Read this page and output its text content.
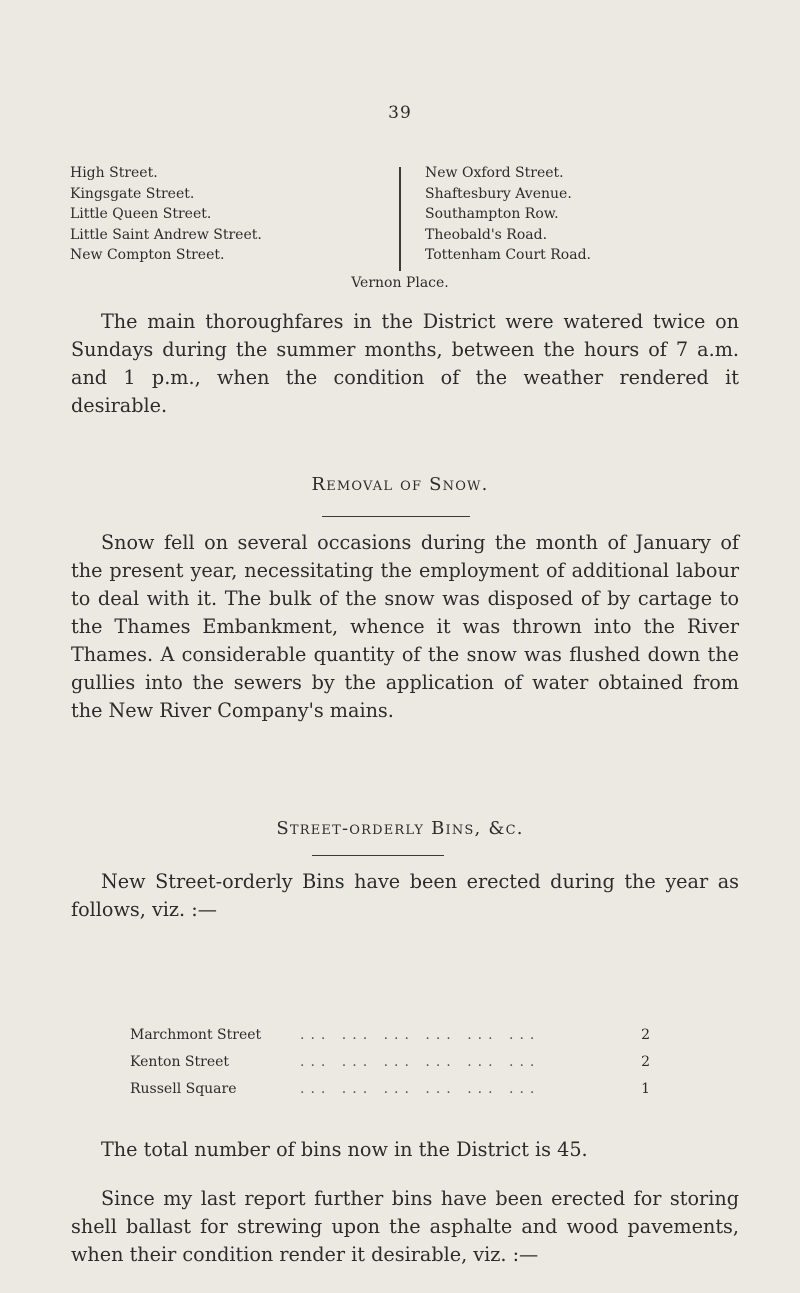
39
High Street.
Kingsgate Street.
Little Queen Street.
Little Saint Andrew Street.
New Compton Street.
New Oxford Street.
Shaftesbury Avenue.
Southampton Row.
Theobald's Road.
Tottenham Court Road.
Vernon Place.

The main thoroughfares in the District were watered twice on Sundays during the summer months, between the hours of 7 a.m. and 1 p.m., when the condition of the weather rendered it desirable.

Removal of Snow.

Snow fell on several occasions during the month of January of the present year, necessitating the employment of additional labour to deal with it. The bulk of the snow was disposed of by cartage to the Thames Embankment, whence it was thrown into the River Thames. A considerable quantity of the snow was flushed down the gullies into the sewers by the application of water obtained from the New River Company's mains.

Street-orderly Bins, &c.

New Street-orderly Bins have been erected during the year as follows, viz. :—

Marchmont Street	... ... ... ... ... ...	2
Kenton Street	... ... ... ... ... ...	2
Russell Square	... ... ... ... ... ...	1
The total number of bins now in the District is 45.

Since my last report further bins have been erected for storing shell ballast for strewing upon the asphalte and wood pavements, when their condition render it desirable, viz. :—
